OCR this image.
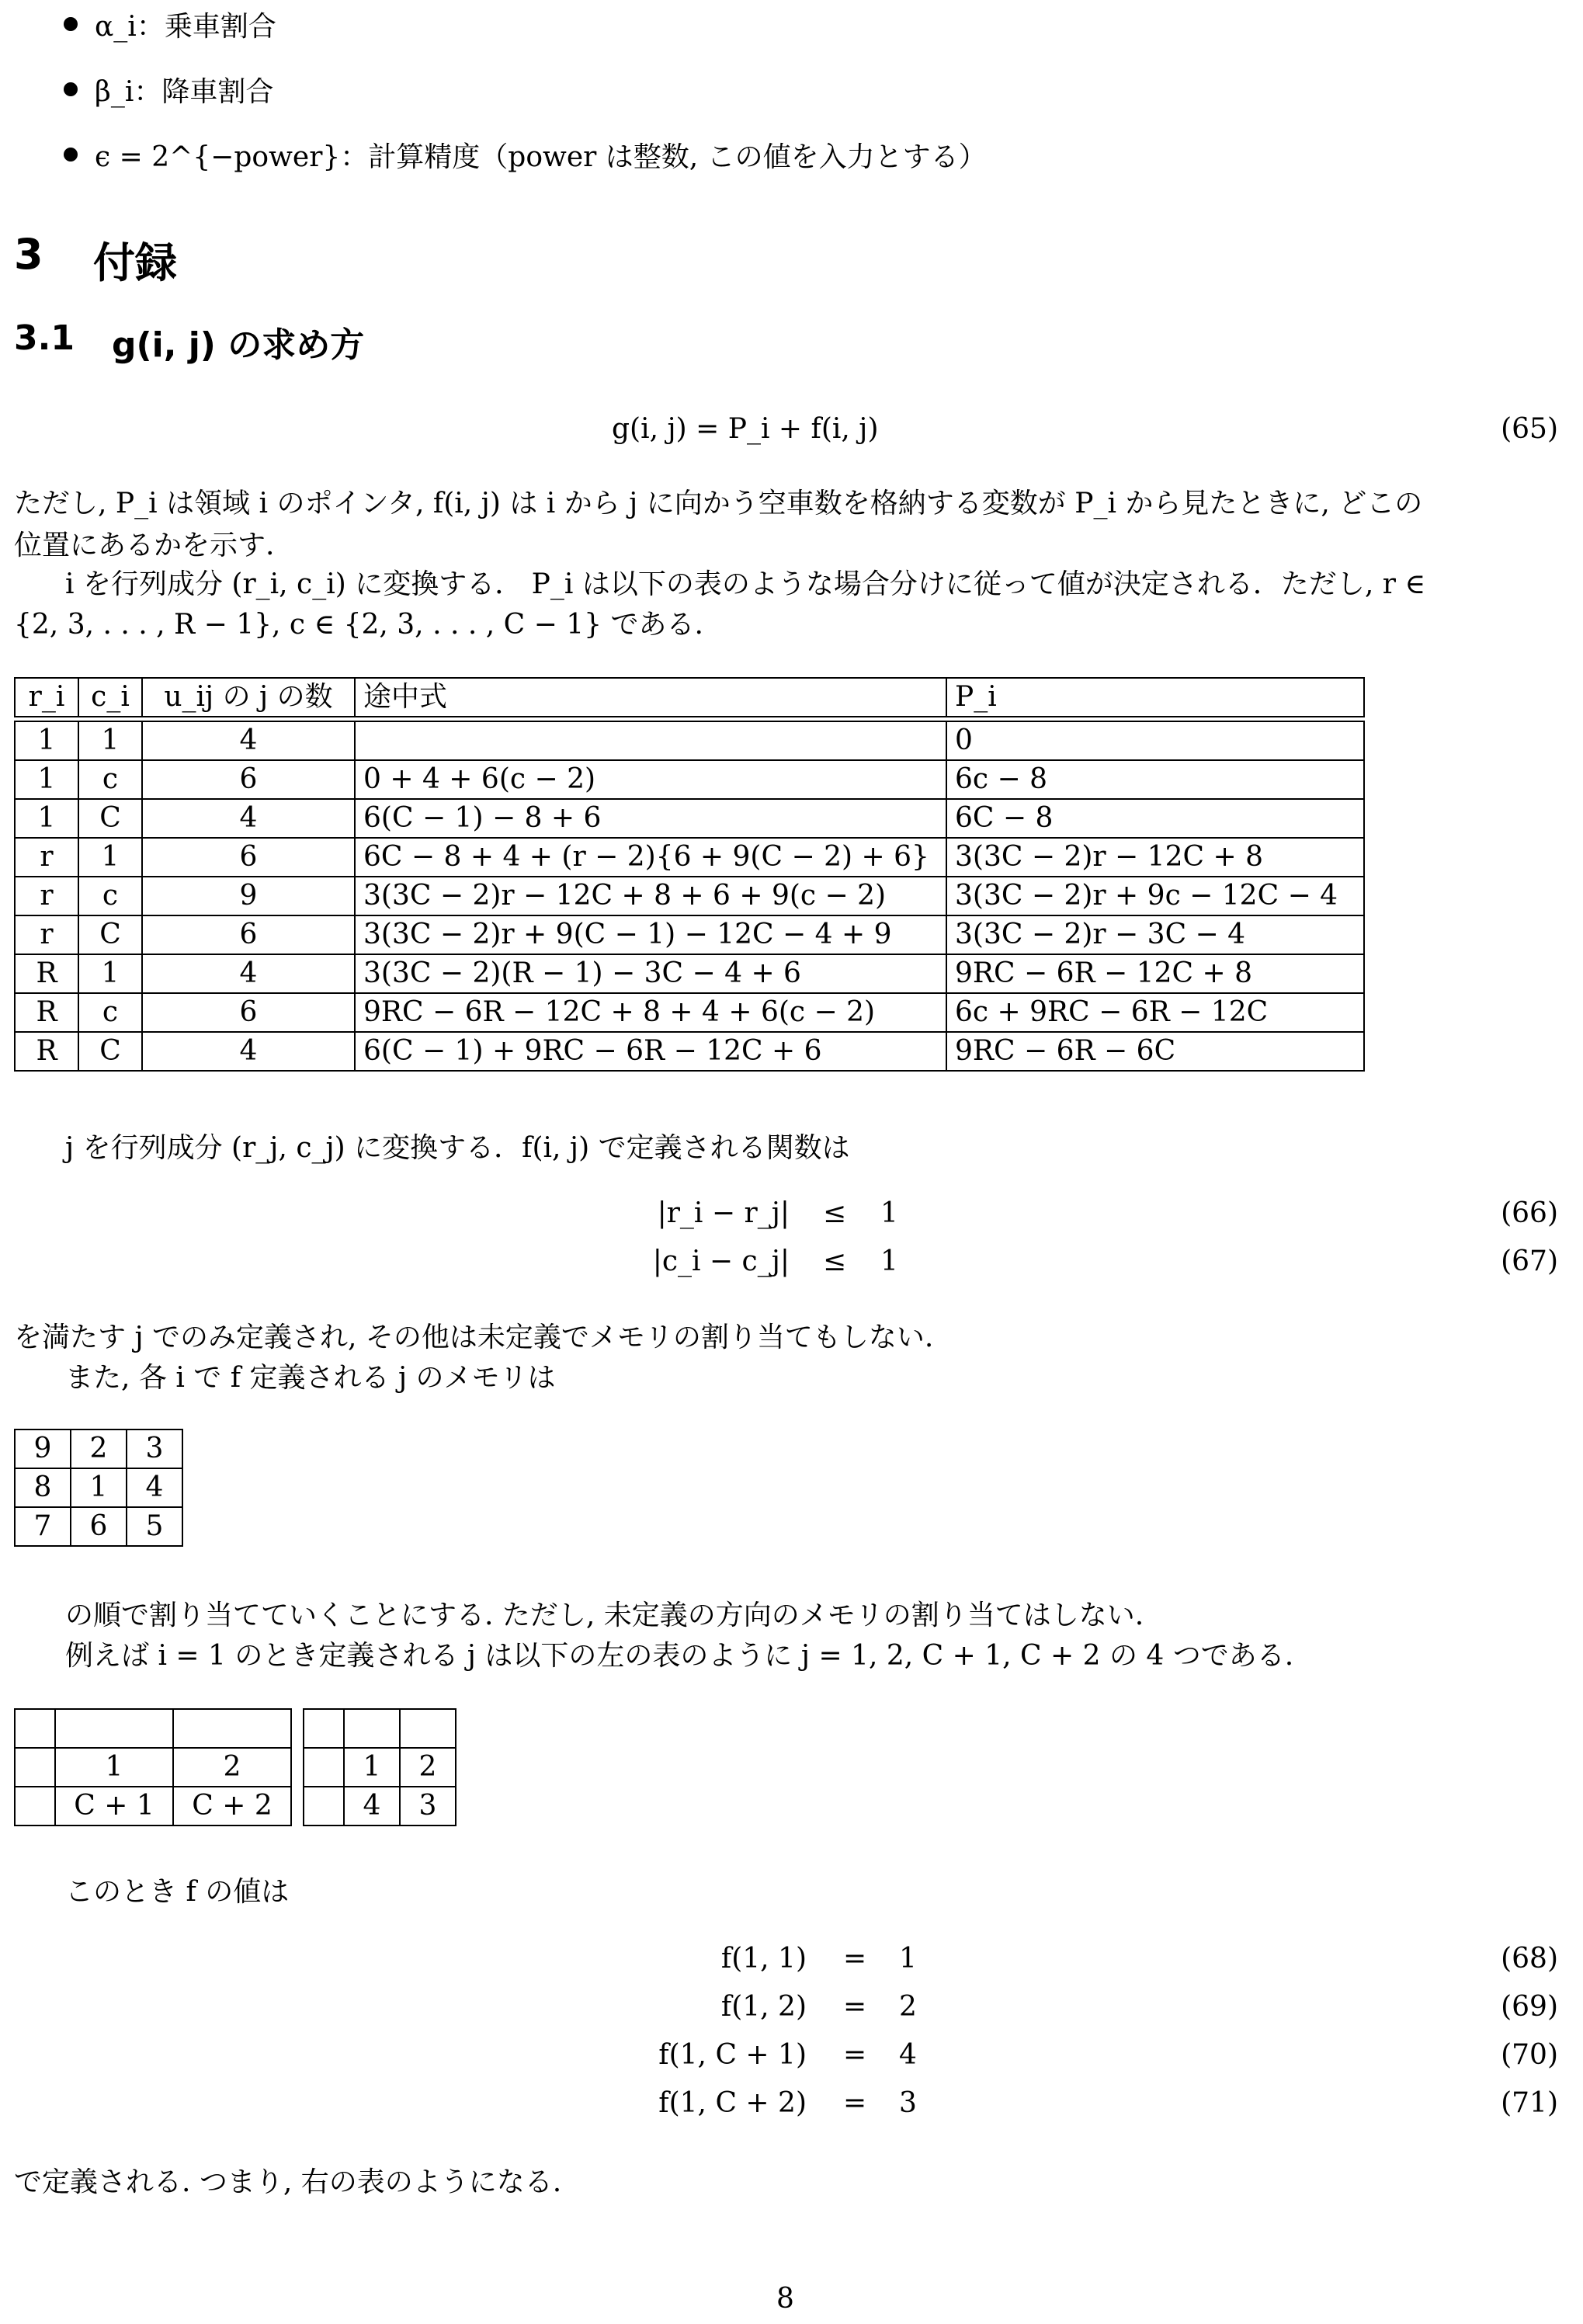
α_i：乗車割合
β_i：降車割合
ϵ = 2^{−power}：計算精度（power は整数, この値を入力とする）
3 付録
3.1 g(i, j) の求め方
g(i, j) = P_i + f(i, j)	(65)
ただし, P_i は領域 i のポインタ, f(i, j) は i から j に向かう空車数を格納する変数が P_i から見たときに, どこの
位置にあるかを示す.
i を行列成分 (r_i, c_i) に変換する． P_i は以下の表のような場合分けに従って値が決定される．ただし, r ∈
{2, 3, . . . , R − 1}, c ∈ {2, 3, . . . , C − 1} である.
r_i	c_i	u_ij の j の数	途中式	P_i

1	1	4		0
1	c	6	0 + 4 + 6(c − 2)	6c − 8
1	C	4	6(C − 1) − 8 + 6	6C − 8
r	1	6	6C − 8 + 4 + (r − 2){6 + 9(C − 2) + 6}	3(3C − 2)r − 12C + 8
r	c	9	3(3C − 2)r − 12C + 8 + 6 + 9(c − 2)	3(3C − 2)r + 9c − 12C − 4
r	C	6	3(3C − 2)r + 9(C − 1) − 12C − 4 + 9	3(3C − 2)r − 3C − 4
R	1	4	3(3C − 2)(R − 1) − 3C − 4 + 6	9RC − 6R − 12C + 8
R	c	6	9RC − 6R − 12C + 8 + 4 + 6(c − 2)	6c + 9RC − 6R − 12C
R	C	4	6(C − 1) + 9RC − 6R − 12C + 6	9RC − 6R − 6C
j を行列成分 (r_j, c_j) に変換する．f(i, j) で定義される関数は
|r_i − r_j| ≤ 1	(66)
|c_i − c_j| ≤ 1	(67)
を満たす j でのみ定義され, その他は未定義でメモリの割り当てもしない.
また, 各 i で f 定義される j のメモリは
9	2	3
8	1	4
7	6	5
の順で割り当てていくことにする. ただし, 未定義の方向のメモリの割り当てはしない.
例えば i = 1 のとき定義される j は以下の左の表のように j = 1, 2, C + 1, C + 2 の 4 つである.

	1	2
	C + 1	C + 2

	1	2
	4	3
このとき f の値は
f(1, 1) = 1	(68)
f(1, 2) = 2	(69)
f(1, C + 1) = 4	(70)
f(1, C + 2) = 3	(71)
で定義される. つまり, 右の表のようになる.
8
